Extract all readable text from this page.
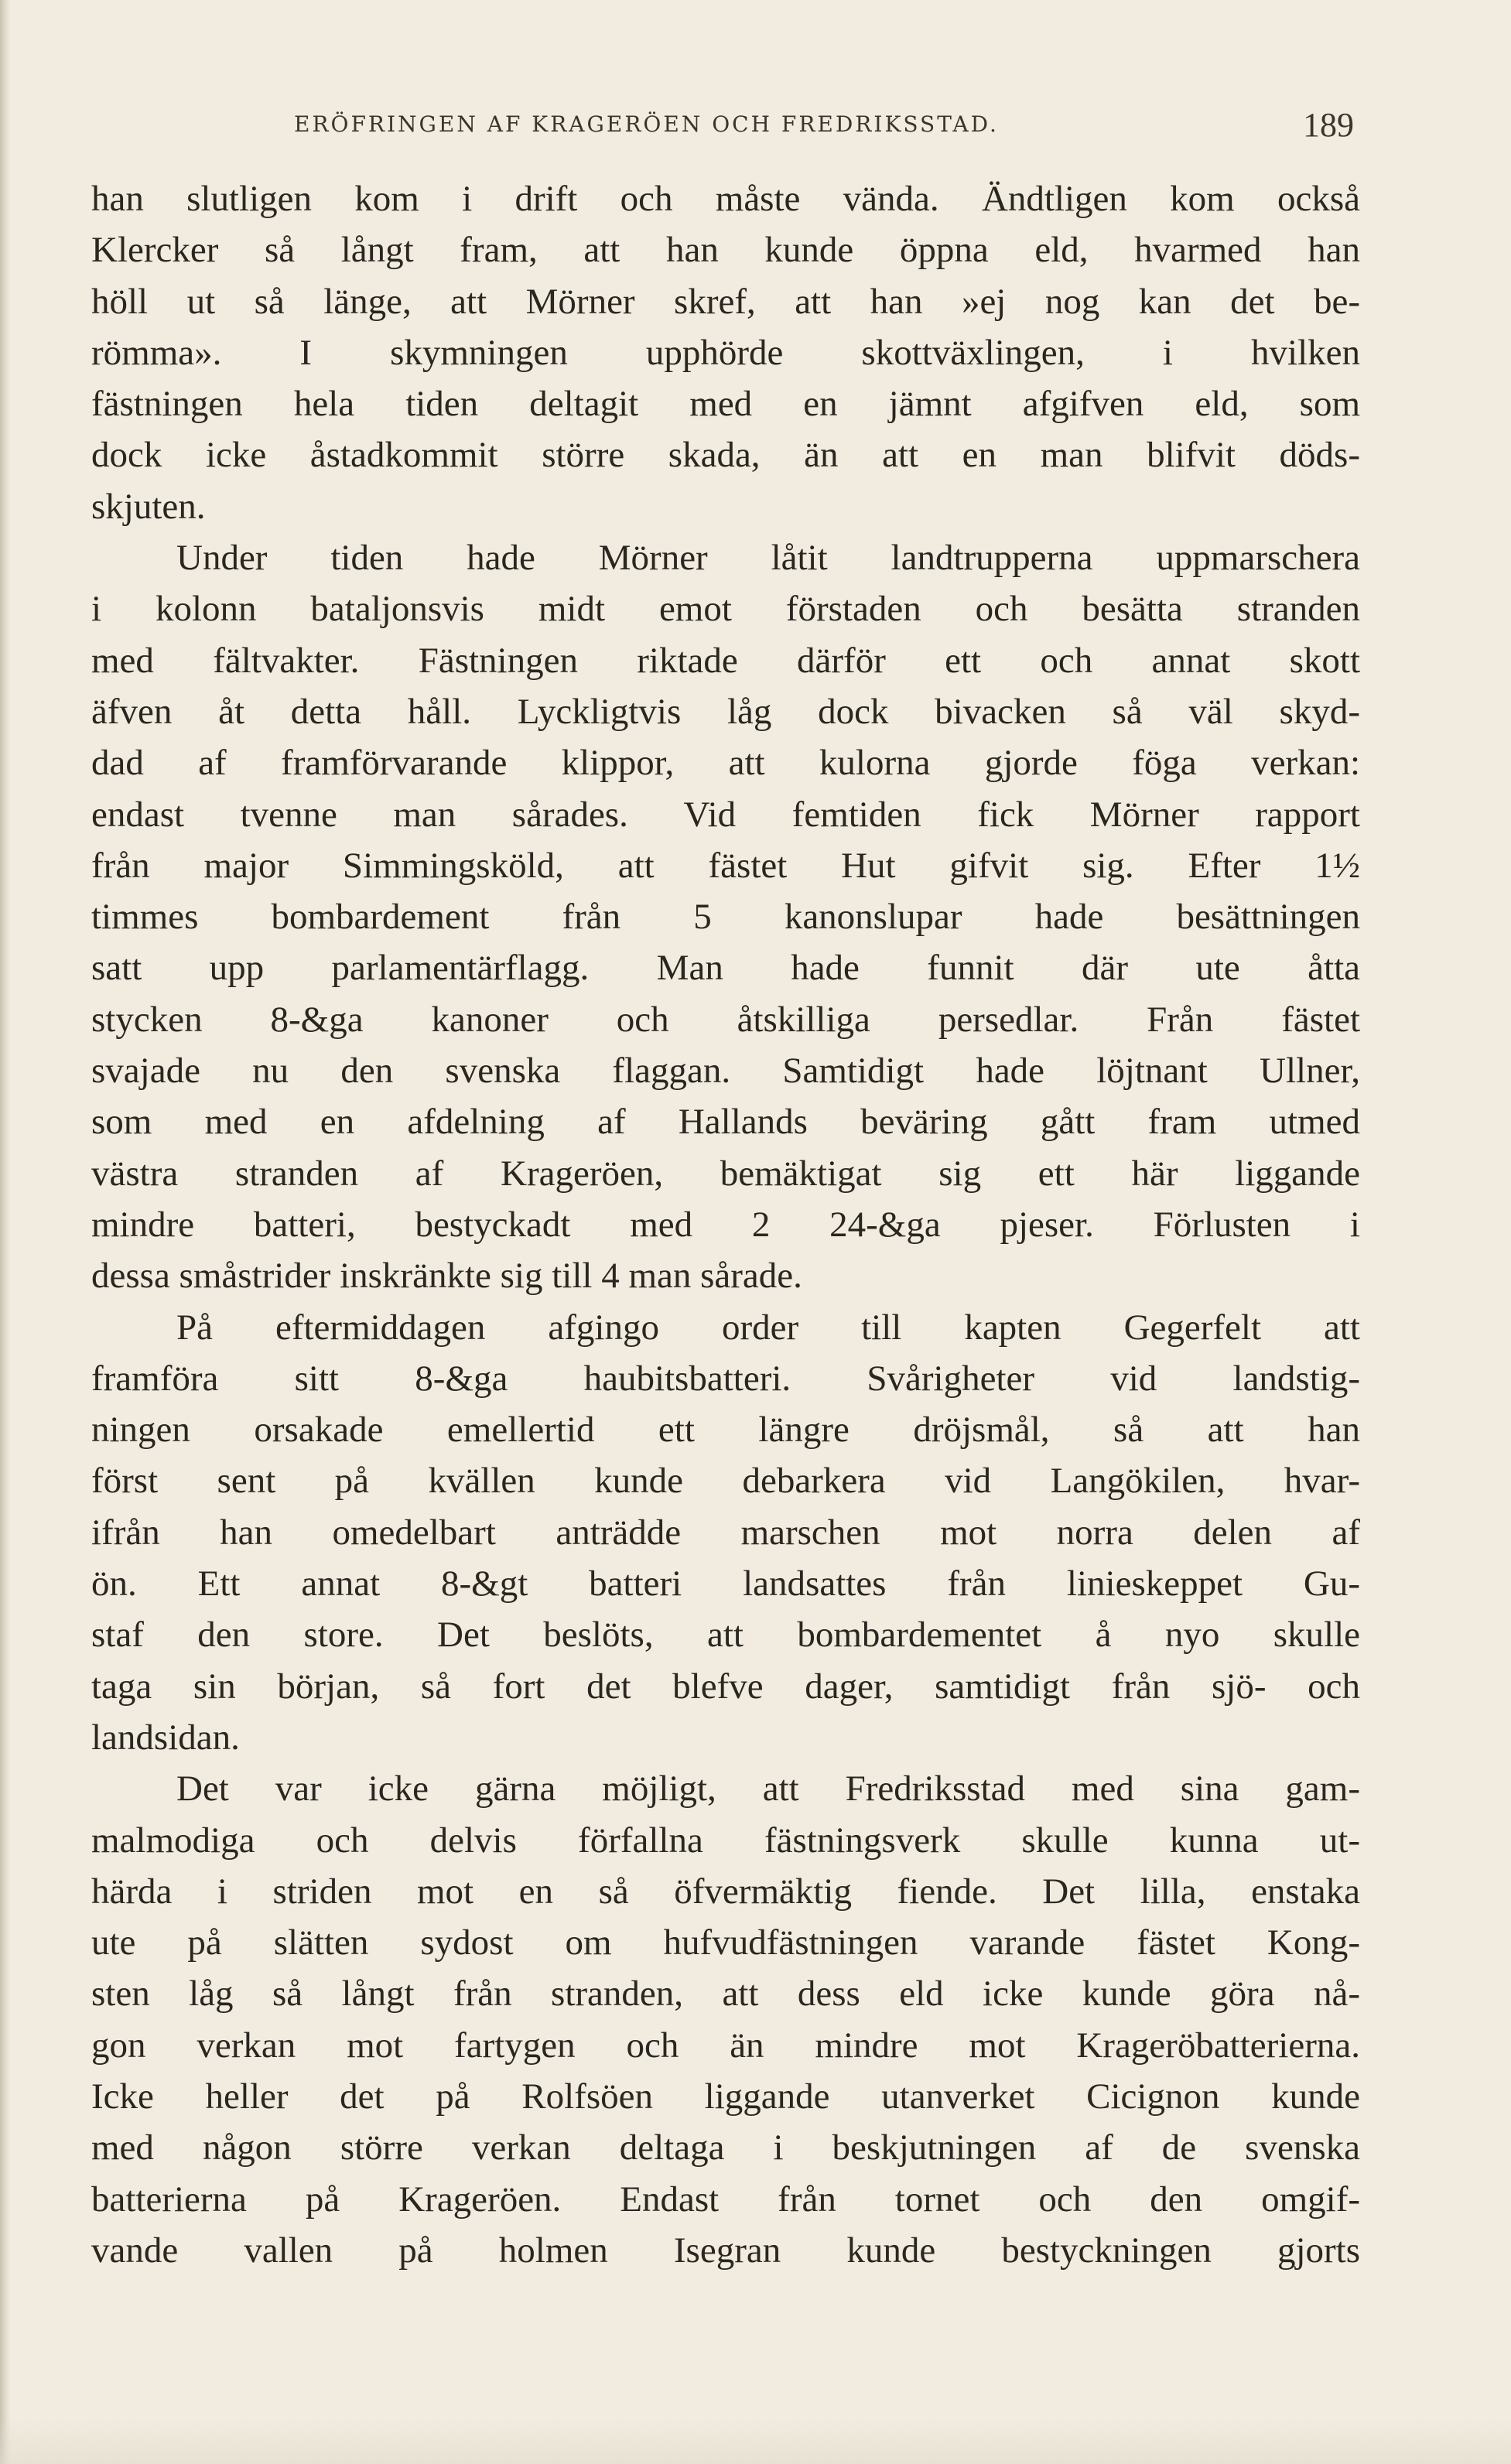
ERÖFRINGEN AF KRAGERÖEN OCH FREDRIKSSTAD.	189
han slutligen kom i drift och måste vända. Ändtligen kom också
Klercker så långt fram, att han kunde öppna eld, hvarmed han
höll ut så länge, att Mörner skref, att han »ej nog kan det be-
römma». I skymningen upphörde skottväxlingen, i hvilken
fästningen hela tiden deltagit med en jämnt afgifven eld, som
dock icke åstadkommit större skada, än att en man blifvit döds-
skjuten.
Under tiden hade Mörner låtit landtrupperna uppmarschera
i kolonn bataljonsvis midt emot förstaden och besätta stranden
med fältvakter. Fästningen riktade därför ett och annat skott
äfven åt detta håll. Lyckligtvis låg dock bivacken så väl skyd-
dad af framförvarande klippor, att kulorna gjorde föga verkan:
endast tvenne man sårades. Vid femtiden fick Mörner rapport
från major Simmingsköld, att fästet Hut gifvit sig. Efter 1½
timmes bombardement från 5 kanonslupar hade besättningen
satt upp parlamentärflagg. Man hade funnit där ute åtta
stycken 8-&ga kanoner och åtskilliga persedlar. Från fästet
svajade nu den svenska flaggan. Samtidigt hade löjtnant Ullner,
som med en afdelning af Hallands beväring gått fram utmed
västra stranden af Krageröen, bemäktigat sig ett här liggande
mindre batteri, bestyckadt med 2 24-&ga pjeser. Förlusten i
dessa småstrider inskränkte sig till 4 man sårade.
På eftermiddagen afgingo order till kapten Gegerfelt att
framföra sitt 8-&ga haubitsbatteri. Svårigheter vid landstig-
ningen orsakade emellertid ett längre dröjsmål, så att han
först sent på kvällen kunde debarkera vid Langökilen, hvar-
ifrån han omedelbart anträdde marschen mot norra delen af
ön. Ett annat 8-&gt batteri landsattes från linieskeppet Gu-
staf den store. Det beslöts, att bombardementet å nyo skulle
taga sin början, så fort det blefve dager, samtidigt från sjö- och
landsidan.
Det var icke gärna möjligt, att Fredriksstad med sina gam-
malmodiga och delvis förfallna fästningsverk skulle kunna ut-
härda i striden mot en så öfvermäktig fiende. Det lilla, enstaka
ute på slätten sydost om hufvudfästningen varande fästet Kong-
sten låg så långt från stranden, att dess eld icke kunde göra nå-
gon verkan mot fartygen och än mindre mot Krageröbatterierna.
Icke heller det på Rolfsöen liggande utanverket Cicignon kunde
med någon större verkan deltaga i beskjutningen af de svenska
batterierna på Krageröen. Endast från tornet och den omgif-
vande vallen på holmen Isegran kunde bestyckningen gjorts
